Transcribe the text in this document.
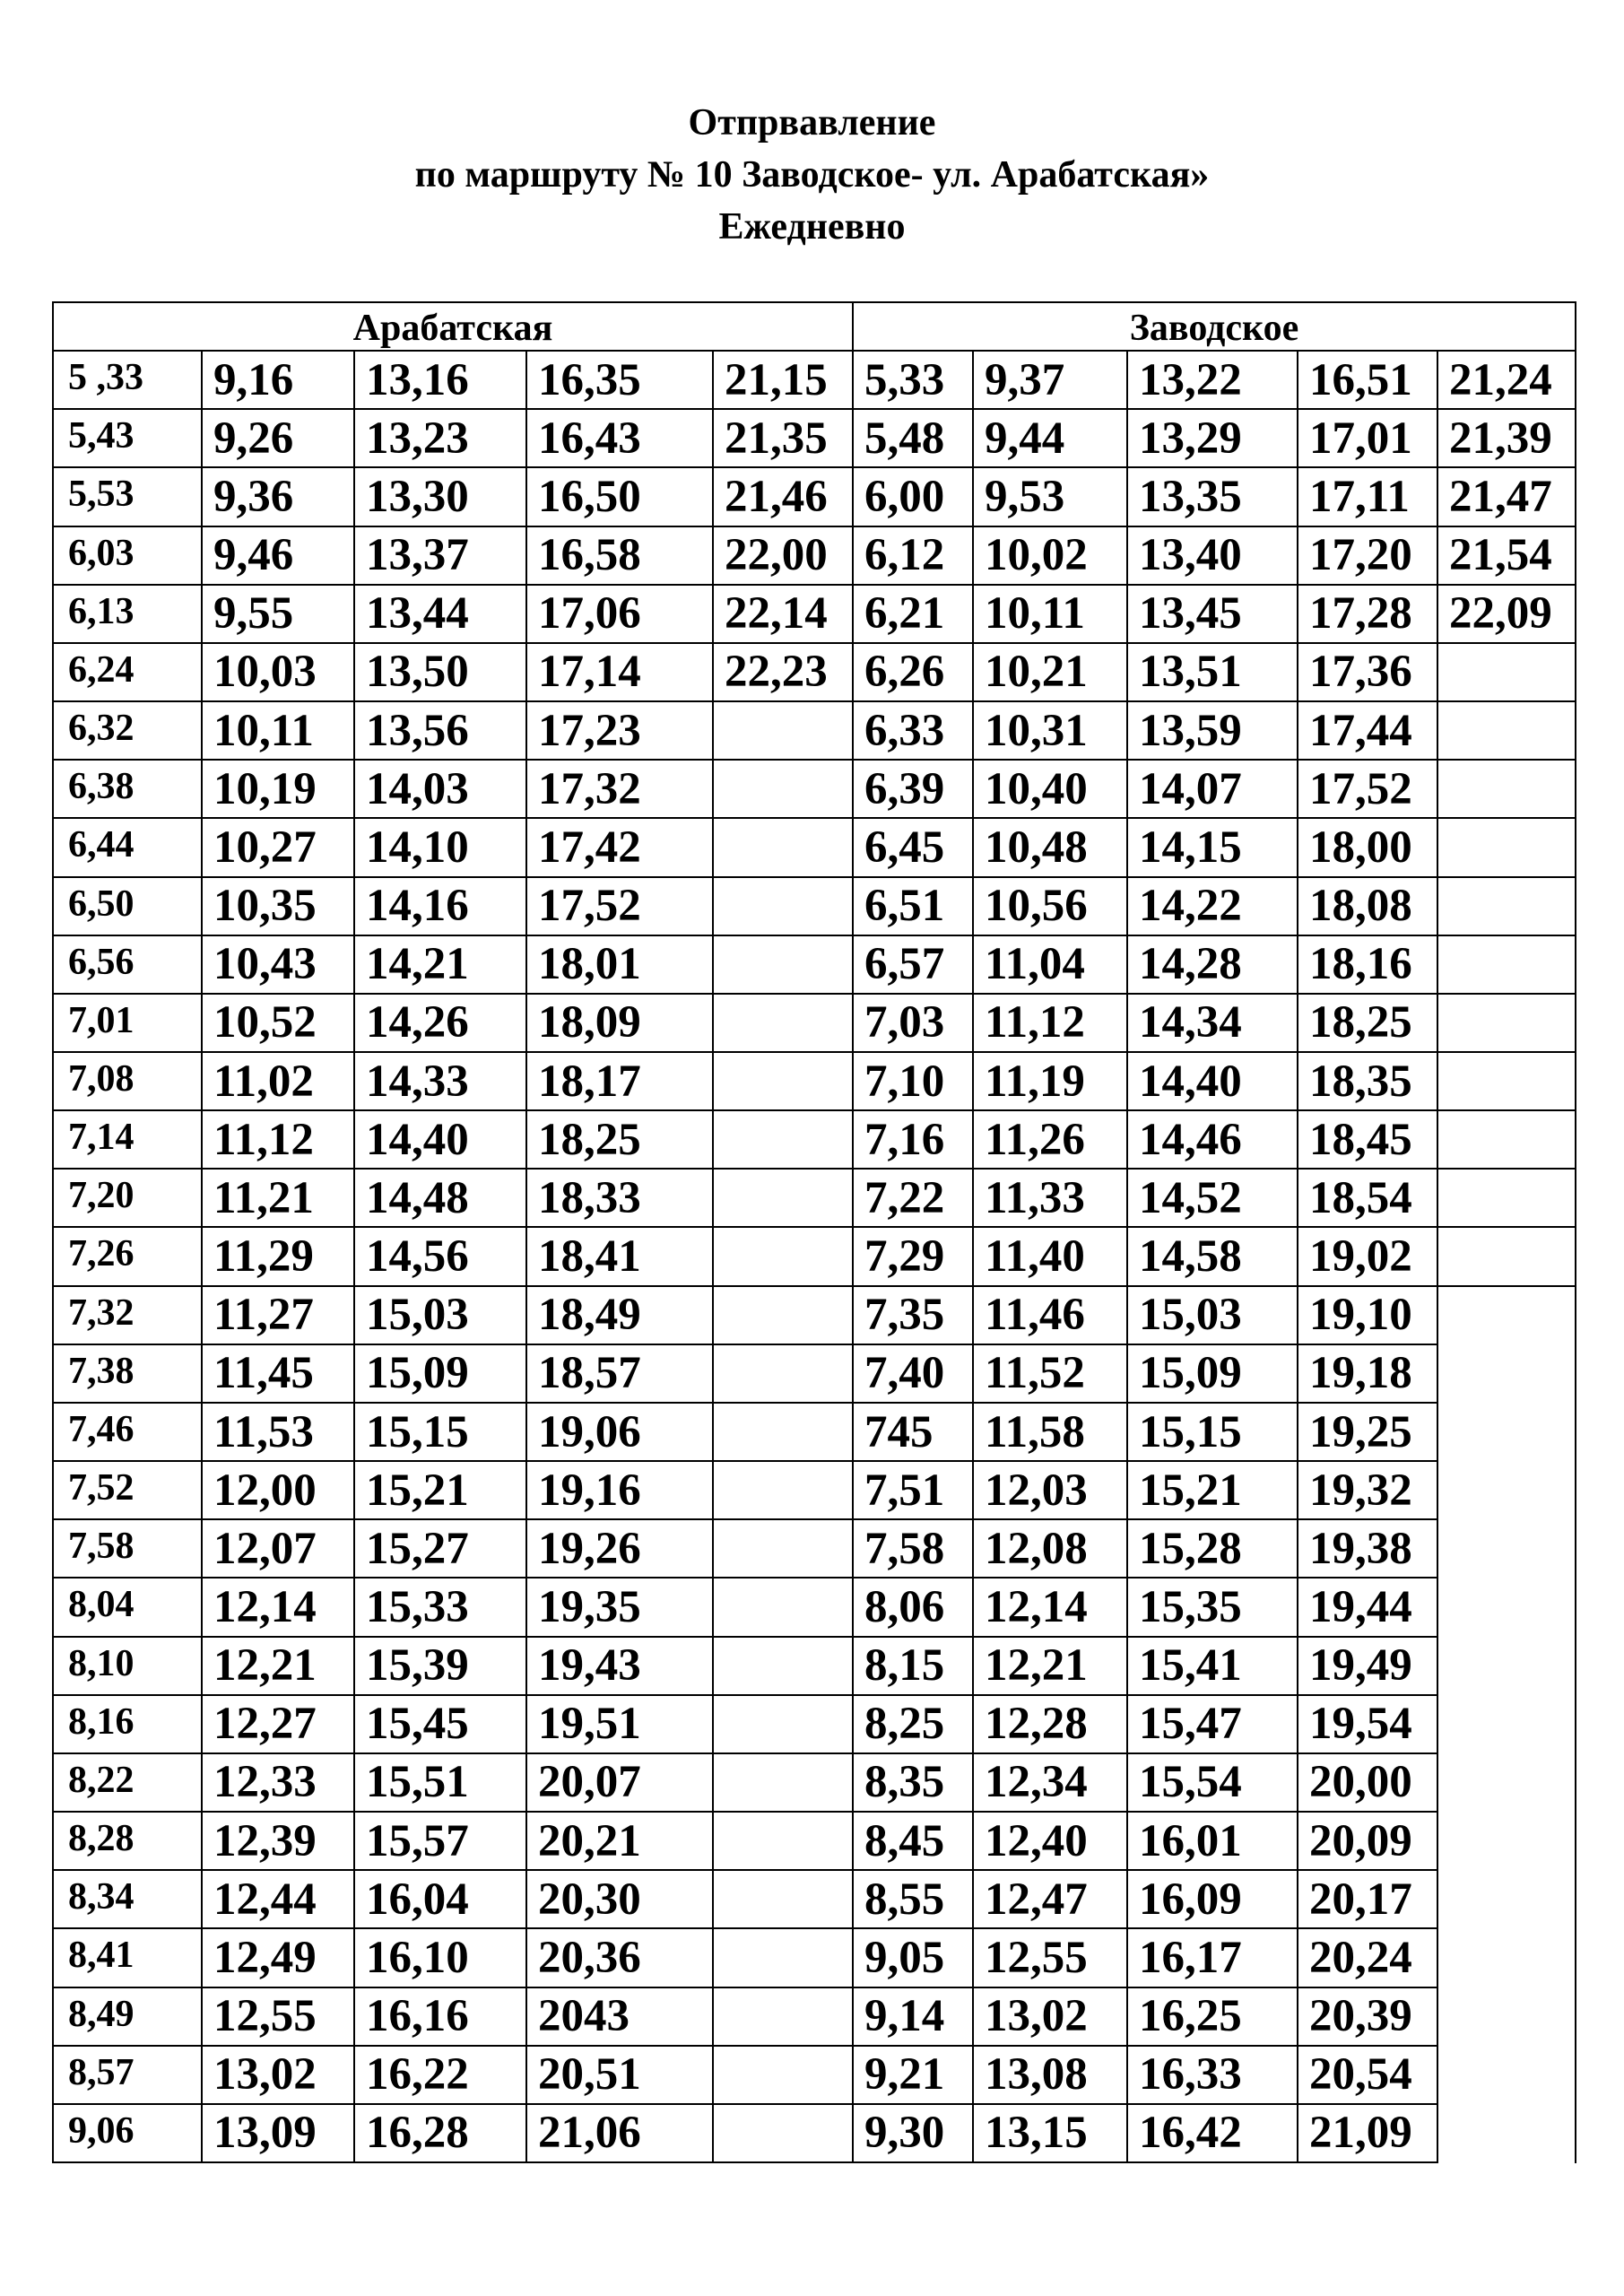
Отпрвавление
по маршруту № 10 Заводское- ул. Арабатская»
Ежедневно
Арабатская					Заводское				
5 ,33	9,16	13,16	16,35	21,15	5,33	9,37	13,22	16,51	21,24
5,43	9,26	13,23	16,43	21,35	5,48	9,44	13,29	17,01	21,39
5,53	9,36	13,30	16,50	21,46	6,00	9,53	13,35	17,11	21,47
6,03	9,46	13,37	16,58	22,00	6,12	10,02	13,40	17,20	21,54
6,13	9,55	13,44	17,06	22,14	6,21	10,11	13,45	17,28	22,09
6,24	10,03	13,50	17,14	22,23	6,26	10,21	13,51	17,36	
6,32	10,11	13,56	17,23		6,33	10,31	13,59	17,44	
6,38	10,19	14,03	17,32		6,39	10,40	14,07	17,52	
6,44	10,27	14,10	17,42		6,45	10,48	14,15	18,00	
6,50	10,35	14,16	17,52		6,51	10,56	14,22	18,08	
6,56	10,43	14,21	18,01		6,57	11,04	14,28	18,16	
7,01	10,52	14,26	18,09		7,03	11,12	14,34	18,25	
7,08	11,02	14,33	18,17		7,10	11,19	14,40	18,35	
7,14	11,12	14,40	18,25		7,16	11,26	14,46	18,45	
7,20	11,21	14,48	18,33		7,22	11,33	14,52	18,54	
7,26	11,29	14,56	18,41		7,29	11,40	14,58	19,02	
7,32	11,27	15,03	18,49		7,35	11,46	15,03	19,10	
7,38	11,45	15,09	18,57		7,40	11,52	15,09	19,18	
7,46	11,53	15,15	19,06		745	11,58	15,15	19,25	
7,52	12,00	15,21	19,16		7,51	12,03	15,21	19,32	
7,58	12,07	15,27	19,26		7,58	12,08	15,28	19,38	
8,04	12,14	15,33	19,35		8,06	12,14	15,35	19,44	
8,10	12,21	15,39	19,43		8,15	12,21	15,41	19,49	
8,16	12,27	15,45	19,51		8,25	12,28	15,47	19,54	
8,22	12,33	15,51	20,07		8,35	12,34	15,54	20,00	
8,28	12,39	15,57	20,21		8,45	12,40	16,01	20,09	
8,34	12,44	16,04	20,30		8,55	12,47	16,09	20,17	
8,41	12,49	16,10	20,36		9,05	12,55	16,17	20,24	
8,49	12,55	16,16	2043		9,14	13,02	16,25	20,39	
8,57	13,02	16,22	20,51		9,21	13,08	16,33	20,54	
9,06	13,09	16,28	21,06		9,30	13,15	16,42	21,09	
